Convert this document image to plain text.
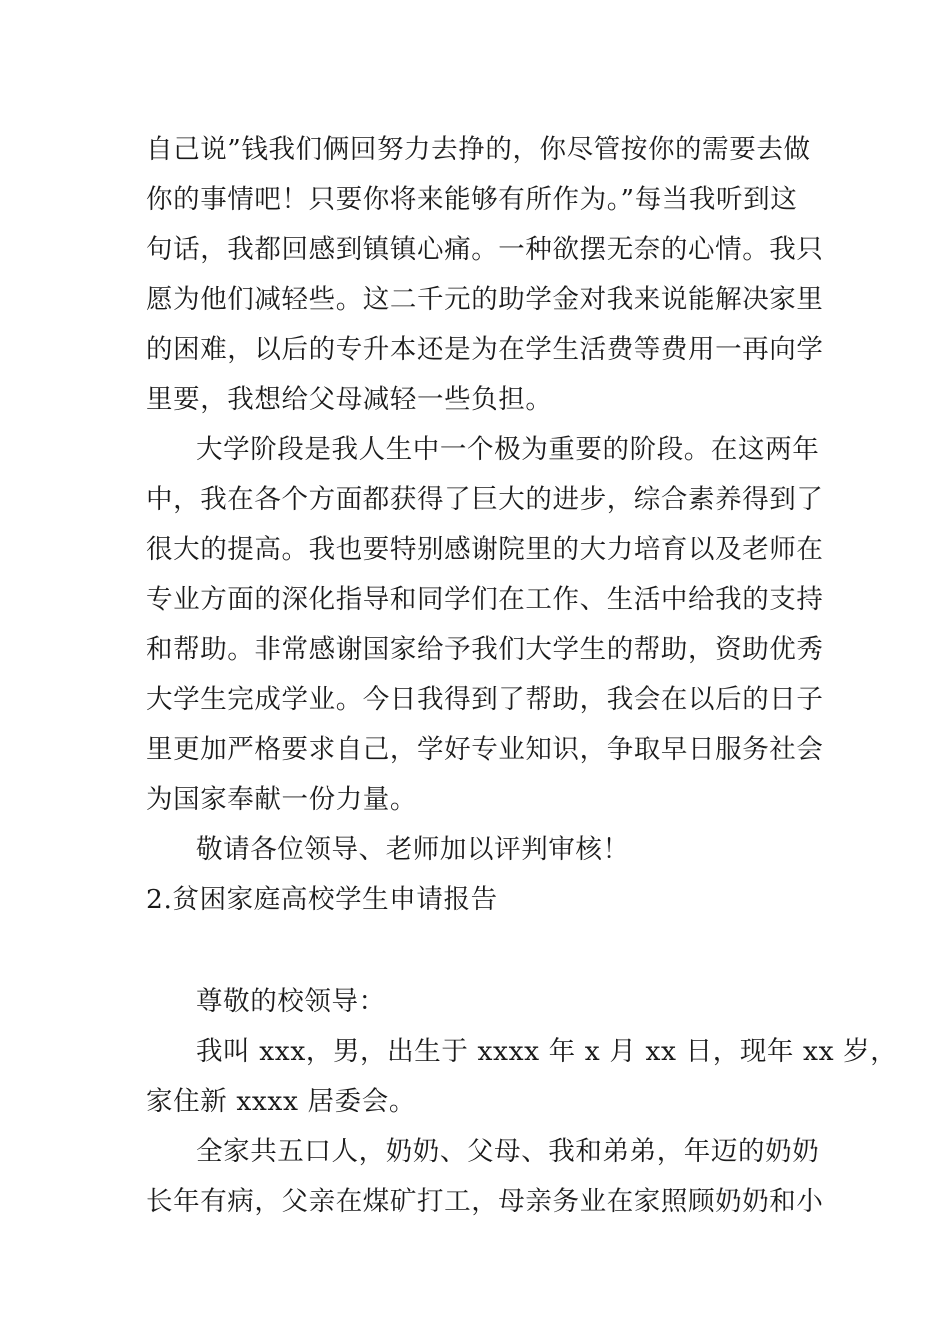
自己说”钱我们俩回努力去挣的，你尽管按你的需要去做
你的事情吧！只要你将来能够有所作为。”每当我听到这
句话，我都回感到镇镇心痛。一种欲摆无奈的心情。我只
愿为他们减轻些。这二千元的助学金对我来说能解决家里
的困难，以后的专升本还是为在学生活费等费用一再向学
里要，我想给父母减轻一些负担。
大学阶段是我人生中一个极为重要的阶段。在这两年
中，我在各个方面都获得了巨大的进步，综合素养得到了
很大的提高。我也要特别感谢院里的大力培育以及老师在
专业方面的深化指导和同学们在工作、生活中给我的支持
和帮助。非常感谢国家给予我们大学生的帮助，资助优秀
大学生完成学业。今日我得到了帮助，我会在以后的日子
里更加严格要求自己，学好专业知识，争取早日服务社会
为国家奉献一份力量。
敬请各位领导、老师加以评判审核！
2.贫困家庭高校学生申请报告
尊敬的校领导：
我叫 xxx，男，出生于 xxxx 年 x 月 xx 日，现年 xx 岁，
家住新 xxxx 居委会。
全家共五口人，奶奶、父母、我和弟弟，年迈的奶奶
长年有病，父亲在煤矿打工，母亲务业在家照顾奶奶和小
